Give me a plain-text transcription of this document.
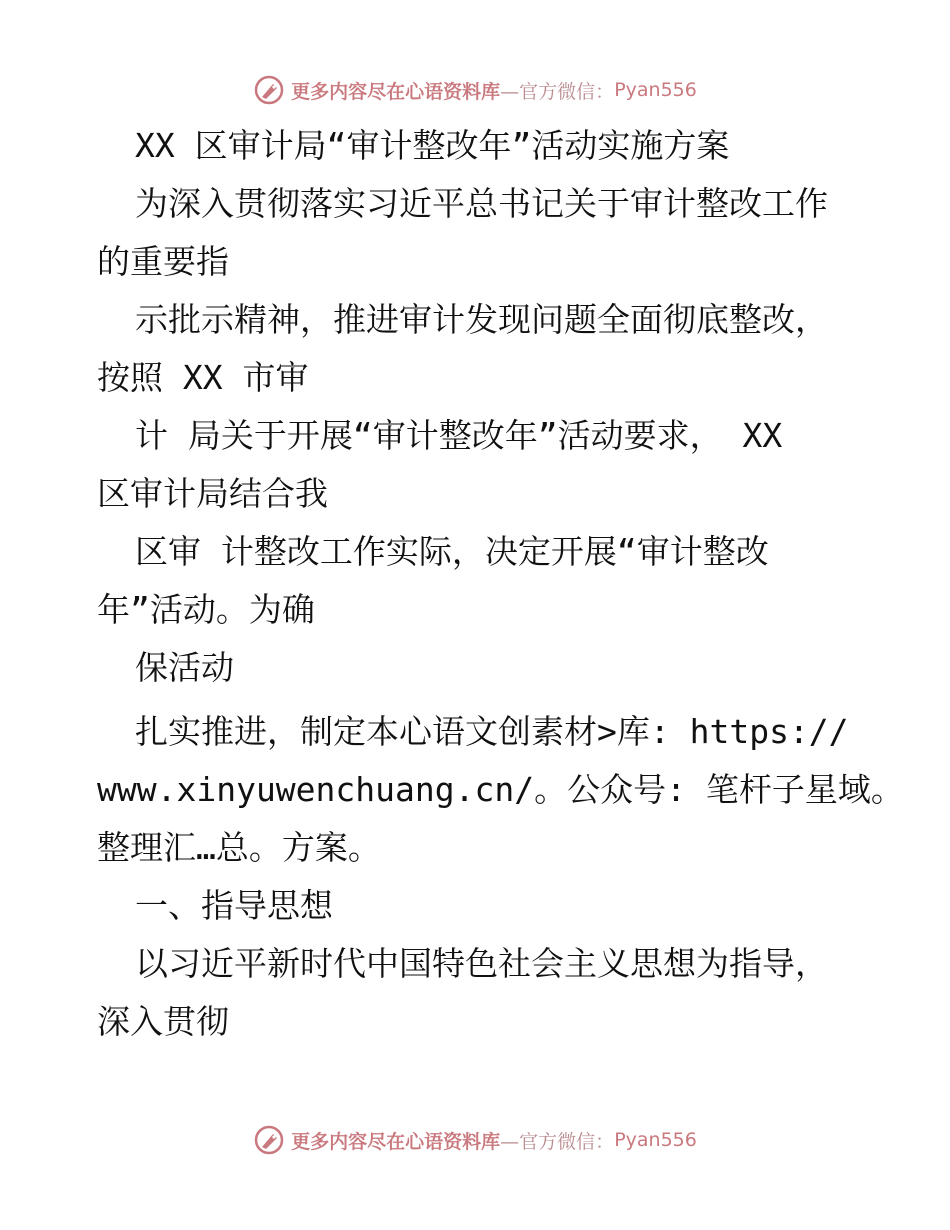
更多内容尽在心语资料库 —官方微信： Pyan556
XX 区审计局“审计整改年”活动实施方案
为深入贯彻落实习近平总书记关于审计整改工作
的重要指
示批示精神，推进审计发现问题全面彻底整改，
按照 XX 市审
计 局关于开展“审计整改年”活动要求， XX
区审计局结合我
区审 计整改工作实际，决定开展“审计整改
年”活动。为确
保活动
扎实推进，制定本心语文创素材>库: https://
www.xinyuwenchuang.cn/。公众号: 笔杆子星域。
整理汇…总。方案。
一、指导思想
以习近平新时代中国特色社会主义思想为指导，
深入贯彻
更多内容尽在心语资料库 —官方微信： Pyan556
